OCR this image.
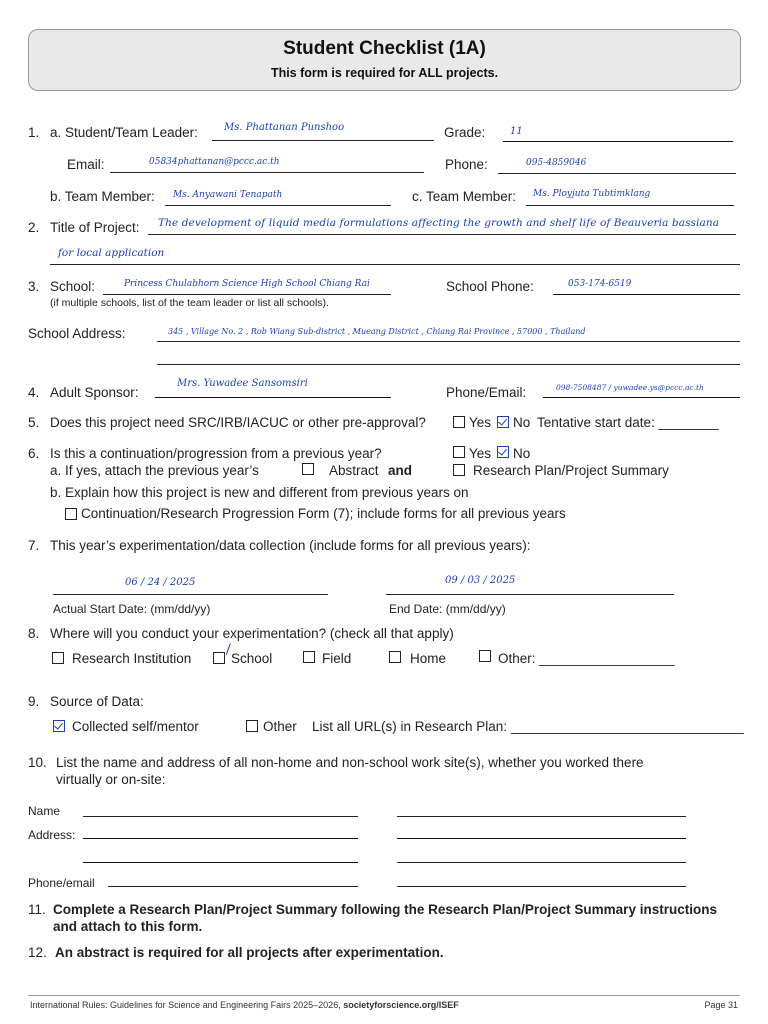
Student Checklist (1A)
This form is required for ALL projects.
1. a. Student/Team Leader:	Ms. Phattanan Punshoo	Grade: 11
Email:	05834phattanan@pccc.ac.th	Phone:	095-4859046
b. Team Member: Ms. Anyawani Tenapath	c. Team Member: Ms. Ployjuta Tubtimklang
2. Title of Project: The development of liquid media formulations affecting the growth and shelf life of Beauveria bassiana
for local application
3. School:	Princess Chulabhorn Science High School Chiang Rai
(if multiple schools, list of the team leader or list all schools).
School Phone:	053-174-6519
School Address:	345 , Village No. 2 , Rob Wiang Sub-district , Mueang District , Chiang Rai Province , 57000 , Thailand
4. Adult Sponsor:
Mrs. Yuwadee Sansomsiri
Phone/Email:	098-7508487 / yuwadee.ys@pccc.ac.th
5. Does this project need SRC/IRB/IACUC or other pre-approval?	Yes No Tentative start date: ________
6. Is this a continuation/progression from a previous year?	Yes No
a. If yes, attach the previous year’s	Abstract and	Research Plan/Project Summary
b. Explain how this project is new and different from previous years on
Continuation/Research Progression Form (7); include forms for all previous years
7. This year’s experimentation/data collection (include forms for all previous years):
06 / 24 / 2025
Actual Start Date: (mm/dd/yy)
09 / 03 / 2025
End Date: (mm/dd/yy)
8. Where will you conduct your experimentation? (check all that apply)
Research Institution	School	Field	Home	Other: __________________
9. Source of Data:
Collected self/mentor	Other List all URL(s) in Research Plan: _______________________________
10. List the name and address of all non-home and non-school work site(s), whether you worked there
virtually or on-site:
Name
Address:
Phone/email
11. Complete a Research Plan/Project Summary following the Research Plan/Project Summary instructions
and attach to this form.
12. An abstract is required for all projects after experimentation.
International Rules: Guidelines for Science and Engineering Fairs 2025–2026, societyforscience.org/ISEF	Page 31
